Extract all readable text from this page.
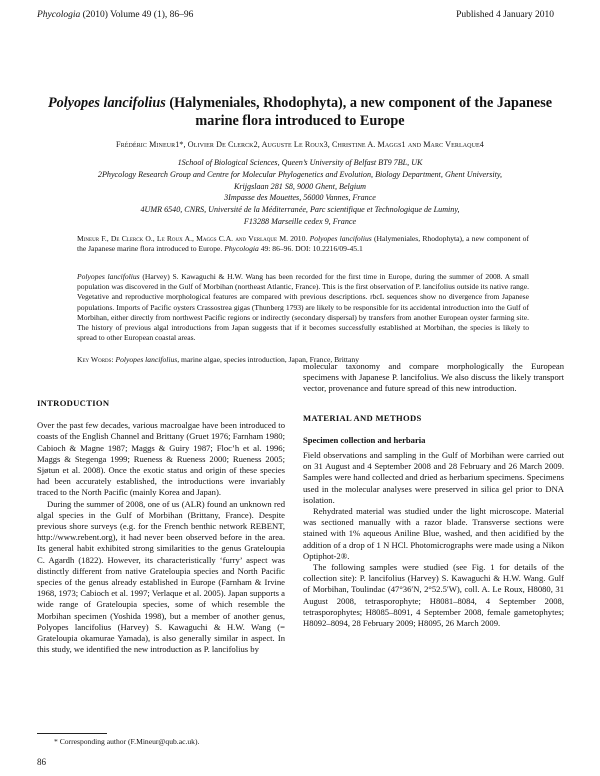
Phycologia (2010) Volume 49 (1), 86–96	Published 4 January 2010
Polyopes lancifolius (Halymeniales, Rhodophyta), a new component of the Japanese marine flora introduced to Europe
Frédéric Mineur1*, Olivier De Clerck2, Auguste Le Roux3, Christine A. Maggs1 and Marc Verlaque4
1School of Biological Sciences, Queen’s University of Belfast BT9 7BL, UK
2Phycology Research Group and Centre for Molecular Phylogenetics and Evolution, Biology Department, Ghent University,
Krijgslaan 281 S8, 9000 Ghent, Belgium
3Impasse des Mouettes, 56000 Vannes, France
4UMR 6540, CNRS, Université de la Méditerranée, Parc scientifique et Technologique de Luminy,
F13288 Marseille cedex 9, France
Mineur F., De Clerck O., Le Roux A., Maggs C.A. and Verlaque M. 2010. Polyopes lancifolius (Halymeniales, Rhodophyta), a new component of the Japanese marine flora introduced to Europe. Phycologia 49: 86–96. DOI: 10.2216/09-45.1
Polyopes lancifolius (Harvey) S. Kawaguchi & H.W. Wang has been recorded for the first time in Europe, during the summer of 2008. A small population was discovered in the Gulf of Morbihan (northeast Atlantic, France). This is the first observation of P. lancifolius outside its native range. Vegetative and reproductive morphological features are compared with previous descriptions. rbcL sequences show no divergence from Japanese populations. Imports of Pacific oysters Crassostrea gigas (Thunberg 1793) are likely to be responsible for its accidental introduction into the Gulf of Morbihan, either directly from northwest Pacific regions or indirectly (secondary dispersal) by transfers from another European oyster farming site. The history of previous algal introductions from Japan suggests that if it becomes successfully established at Morbihan, the species is likely to spread to other European coastal areas.
Key Words: Polyopes lancifolius, marine algae, species introduction, Japan, France, Brittany
INTRODUCTION

Over the past few decades, various macroalgae have been introduced to coasts of the English Channel and Brittany (Gruet 1976; Farnham 1980; Cabioch & Magne 1987; Maggs & Guiry 1987; Floc’h et al. 1996; Maggs & Stegenga 1999; Rueness & Rueness 2000; Rueness 2005; Sjøtun et al. 2008). Once the exotic status and origin of these species had been accurately established, the introductions were invariably traced to the North Pacific (mainly Korea and Japan).

During the summer of 2008, one of us (ALR) found an unknown red algal species in the Gulf of Morbihan (Brittany, France). Despite previous shore surveys (e.g. for the French benthic network REBENT, http://www.rebent.org), it had never been observed before in the area. Its general habit exhibited strong similarities to the genus Grateloupia C. Agardh (1822). However, its characteristically ‘furry’ aspect was distinctly different from native Grateloupia species and North Pacific species of the genus already established in Europe (Farnham & Irvine 1968, 1973; Cabioch et al. 1997; Verlaque et al. 2005). Japan supports a wide range of Grateloupia species, some of which resemble the Morbihan specimen (Yoshida 1998), but a member of another genus, Polyopes lancifolius (Harvey) S. Kawaguchi & H.W. Wang (= Grateloupia okamurae Yamada), is also generally similar in aspect. In this study, we identified the new introduction as P. lancifolius by

molecular taxonomy and compare morphologically the European specimens with Japanese P. lancifolius. We also discuss the likely transport vector, provenance and future spread of this new introduction.

MATERIAL AND METHODS
Specimen collection and herbaria

Field observations and sampling in the Gulf of Morbihan were carried out on 31 August and 4 September 2008 and 28 February and 26 March 2009. Samples were hand collected and dried as herbarium specimens. Specimens used in the molecular analyses were preserved in silica gel prior to DNA isolation.

Rehydrated material was studied under the light microscope. Material was sectioned manually with a razor blade. Transverse sections were stained with 1% aqueous Aniline Blue, washed, and then acidified by the addition of a drop of 1 N HCl. Photomicrographs were made using a Nikon Optiphot-2®.

The following samples were studied (see Fig. 1 for details of the collection site): P. lancifolius (Harvey) S. Kawaguchi & H.W. Wang. Gulf of Morbihan, Toulindac (47°36′N, 2°52.5′W), coll. A. Le Roux, H8080, 31 August 2008, tetrasporophyte; H8081–8084, 4 September 2008, tetrasporophytes; H8085–8091, 4 September 2008, female gametophytes; H8092–8094, 28 February 2009; H8095, 26 March 2009.

* Corresponding author (F.Mineur@qub.ac.uk).
86
